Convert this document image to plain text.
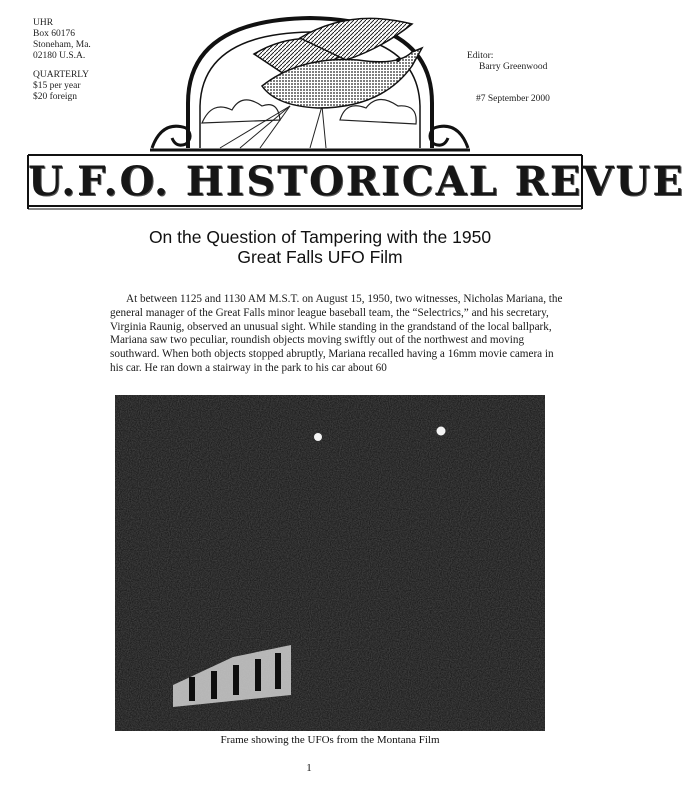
UHR
Box 60176
Stoneham, Ma.
02180 U.S.A.
QUARTERLY
$15 per year
$20 foreign
Editor:
Barry Greenwood
#7 September 2000
U.F.O. HISTORICAL REVUE
On the Question of Tampering with the 1950
Great Falls UFO Film
At between 1125 and 1130 AM M.S.T. on August 15, 1950, two witnesses, Nicholas Mariana, the general manager of the Great Falls minor league baseball team, the “Selectrics,” and his secretary, Virginia Raunig, observed an unusual sight. While standing in the grandstand of the local ballpark, Mariana saw two peculiar, roundish objects moving swiftly out of the northwest and moving southward. When both objects stopped abruptly, Mariana recalled having a 16mm movie camera in his car. He ran down a stairway in the park to his car about 60
Frame showing the UFOs from the Montana Film
1
